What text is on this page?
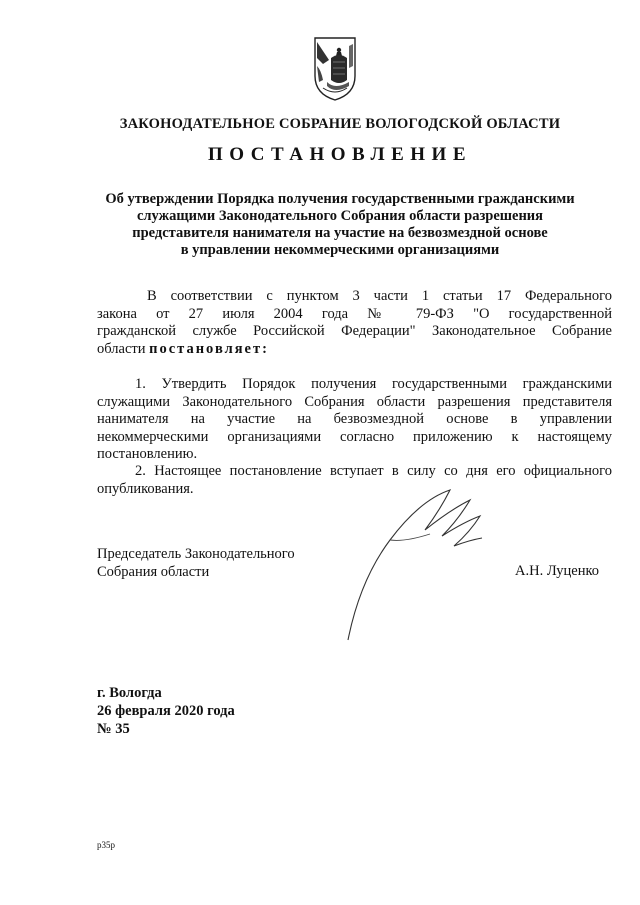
ЗАКОНОДАТЕЛЬНОЕ СОБРАНИЕ ВОЛОГОДСКОЙ ОБЛАСТИ
ПОСТАНОВЛЕНИЕ
Об утверждении Порядка получения государственными гражданскими
служащими Законодательного Собрания области разрешения
представителя нанимателя на участие на безвозмездной основе
в управлении некоммерческими организациями
В соответствии с пунктом 3 части 1 статьи 17 Федерального
закона от 27 июля 2004 года № 79-ФЗ "О государственной
гражданской службе Российской Федерации" Законодательное Собрание
области постановляет:
1. Утвердить Порядок получения государственными гражданскими
служащими Законодательного Собрания области разрешения представителя
нанимателя на участие на безвозмездной основе в управлении
некоммерческими организациями согласно приложению к настоящему
постановлению.
2. Настоящее постановление вступает в силу со дня его официального
опубликования.
Председатель Законодательного
Собрания области	А.Н. Луценко
г. Вологда
26 февраля 2020 года
№ 35
р35р
